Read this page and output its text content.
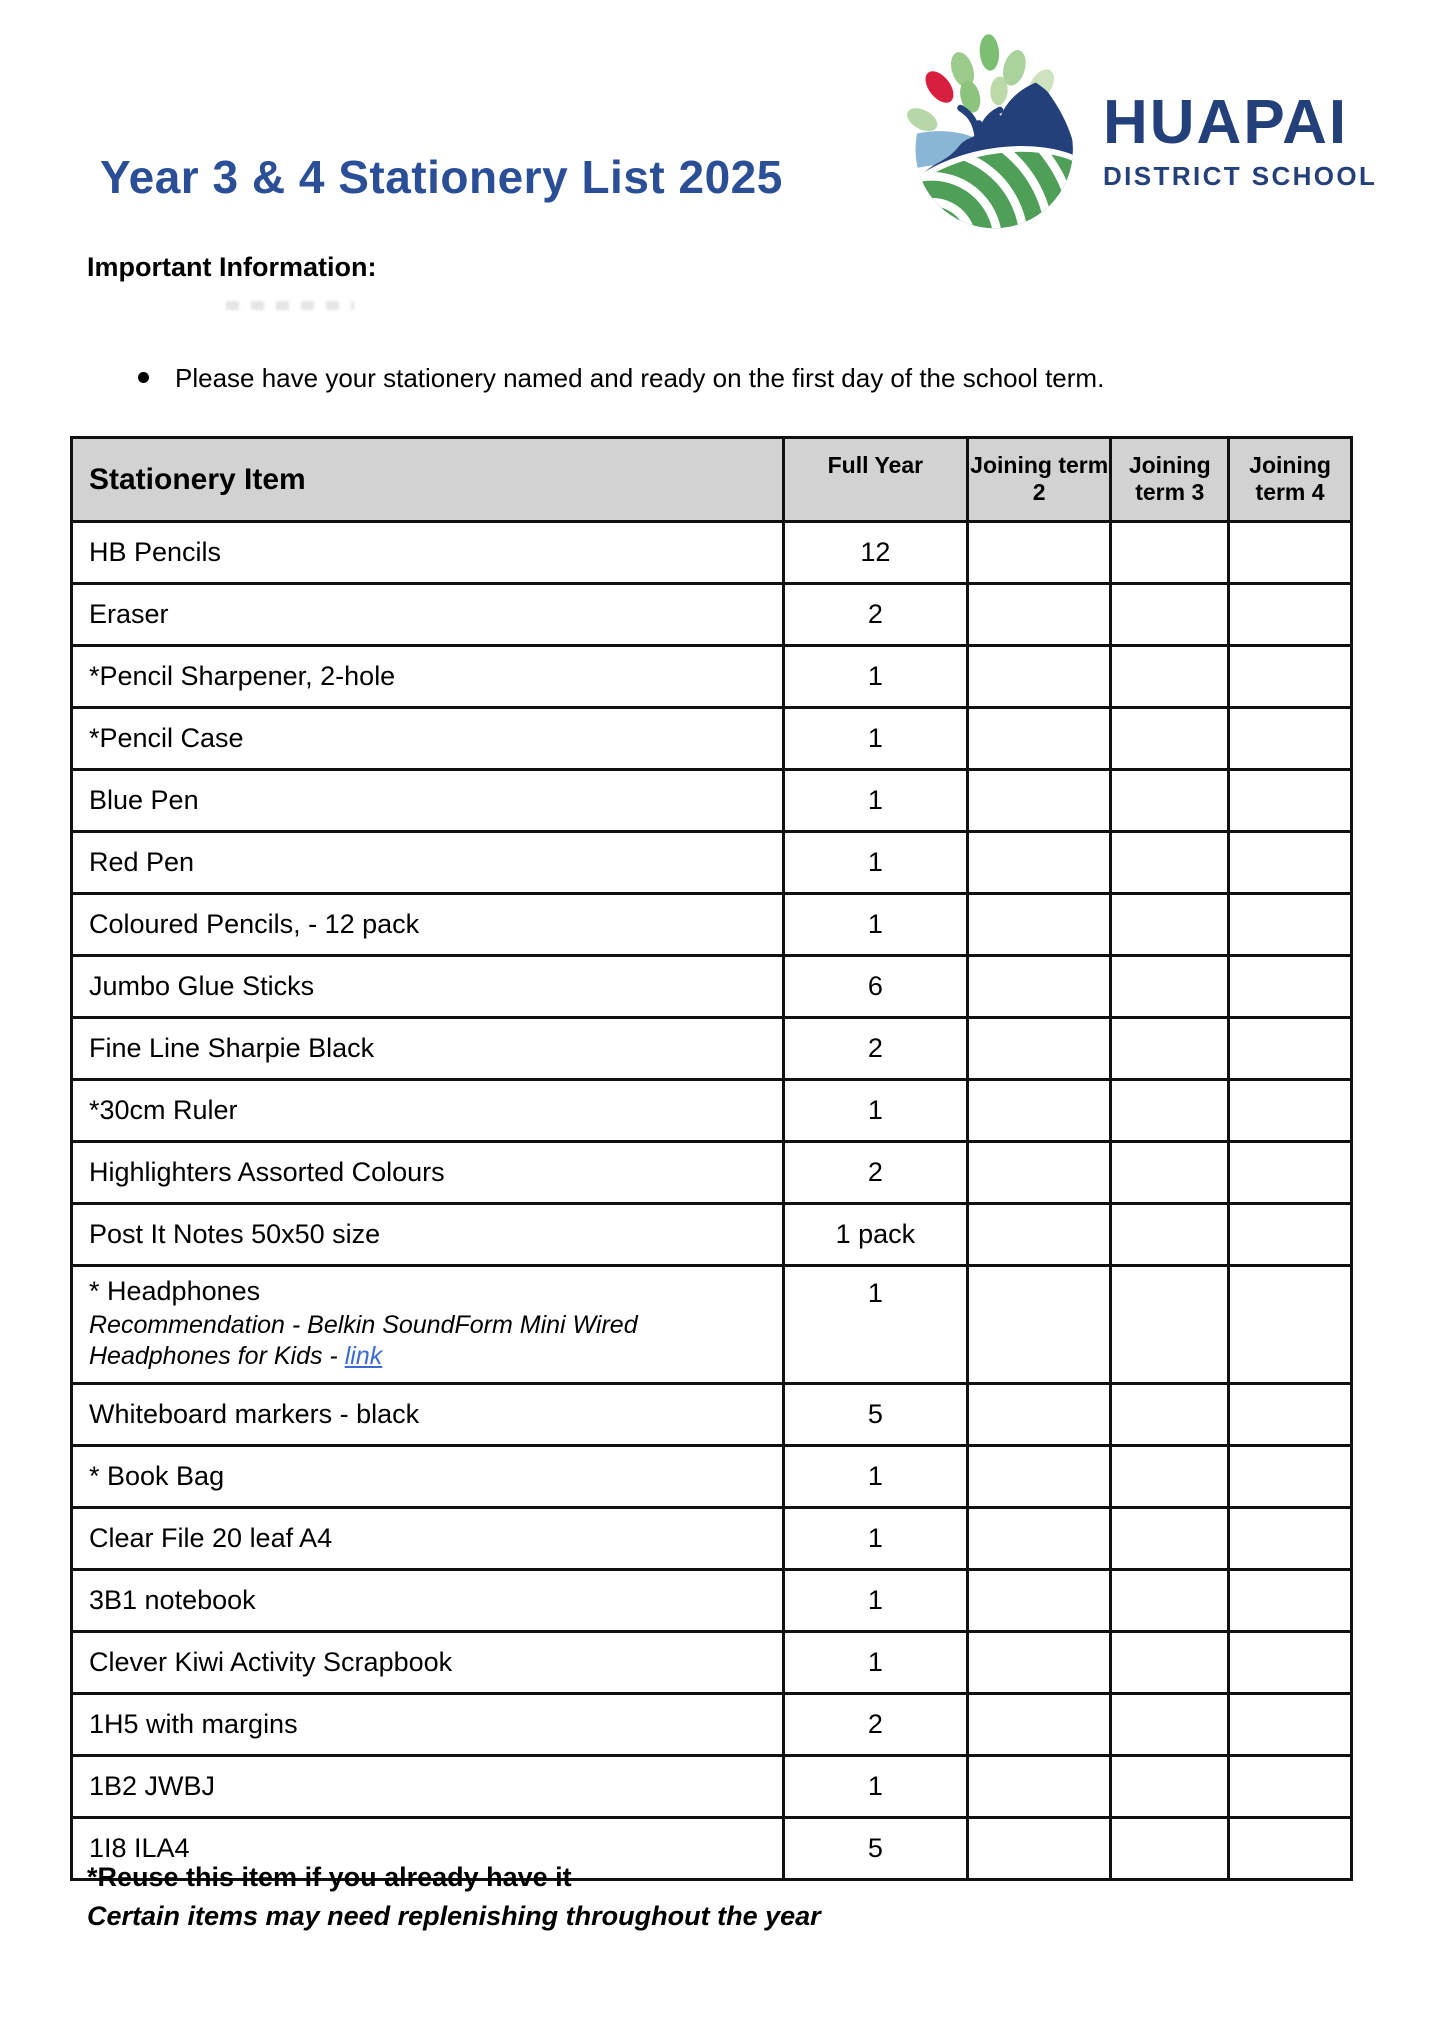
Year 3 & 4 Stationery List 2025
HUAPAI
DISTRICT SCHOOL
Important Information:
Please have your stationery named and ready on the first day of the school term.
Stationery Item	Full Year	Joining term 2	Joining term 3	Joining term 4
HB Pencils	12			
Eraser	2			
*Pencil Sharpener, 2-hole	1			
*Pencil Case	1			
Blue Pen	1			
Red Pen	1			
Coloured Pencils, - 12 pack	1			
Jumbo Glue Sticks	6			
Fine Line Sharpie Black	2			
*30cm Ruler	1			
Highlighters Assorted Colours	2			
Post It Notes 50x50 size	1 pack			
* Headphones
Recommendation - Belkin SoundForm Mini Wired
Headphones for Kids - link	1			
Whiteboard markers - black	5			
* Book Bag	1			
Clear File 20 leaf A4	1			
3B1 notebook	1			
Clever Kiwi Activity Scrapbook	1			
1H5 with margins	2			
1B2 JWBJ	1			
1I8 ILA4	5			
*Reuse this item if you already have it
Certain items may need replenishing throughout the year
